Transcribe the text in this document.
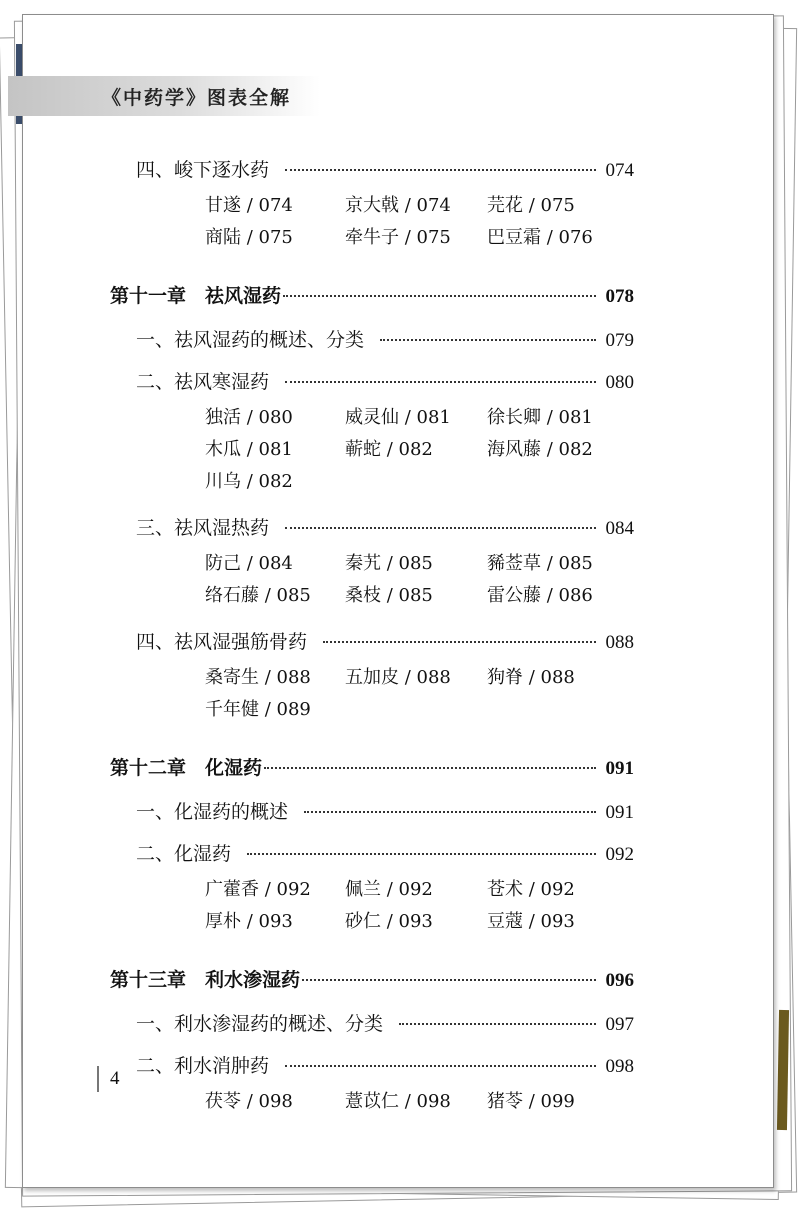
《中药学》图表全解
四、峻下逐水药	074
甘遂 / 074	京大戟 / 074 芫花 / 075
商陆 / 075	牵牛子 / 075 巴豆霜 / 076
第十一章　祛风湿药	078
一、祛风湿药的概述、分类	079
二、祛风寒湿药	080
独活 / 080	威灵仙 / 081 徐长卿 / 081
木瓜 / 081	蕲蛇 / 082	海风藤 / 082
川乌 / 082
三、祛风湿热药	084
防己 / 084	秦艽 / 085	豨莶草 / 085
络石藤 / 085 桑枝 / 085	雷公藤 / 086
四、祛风湿强筋骨药	088
桑寄生 / 088 五加皮 / 088 狗脊 / 088
千年健 / 089
第十二章　化湿药	091
一、化湿药的概述	091
二、化湿药	092
广藿香 / 092 佩兰 / 092	苍术 / 092
厚朴 / 093	砂仁 / 093	豆蔻 / 093
第十三章　利水渗湿药	096
一、利水渗湿药的概述、分类	097
二、利水消肿药	098
茯苓 / 098	薏苡仁 / 098 猪苓 / 099
4
